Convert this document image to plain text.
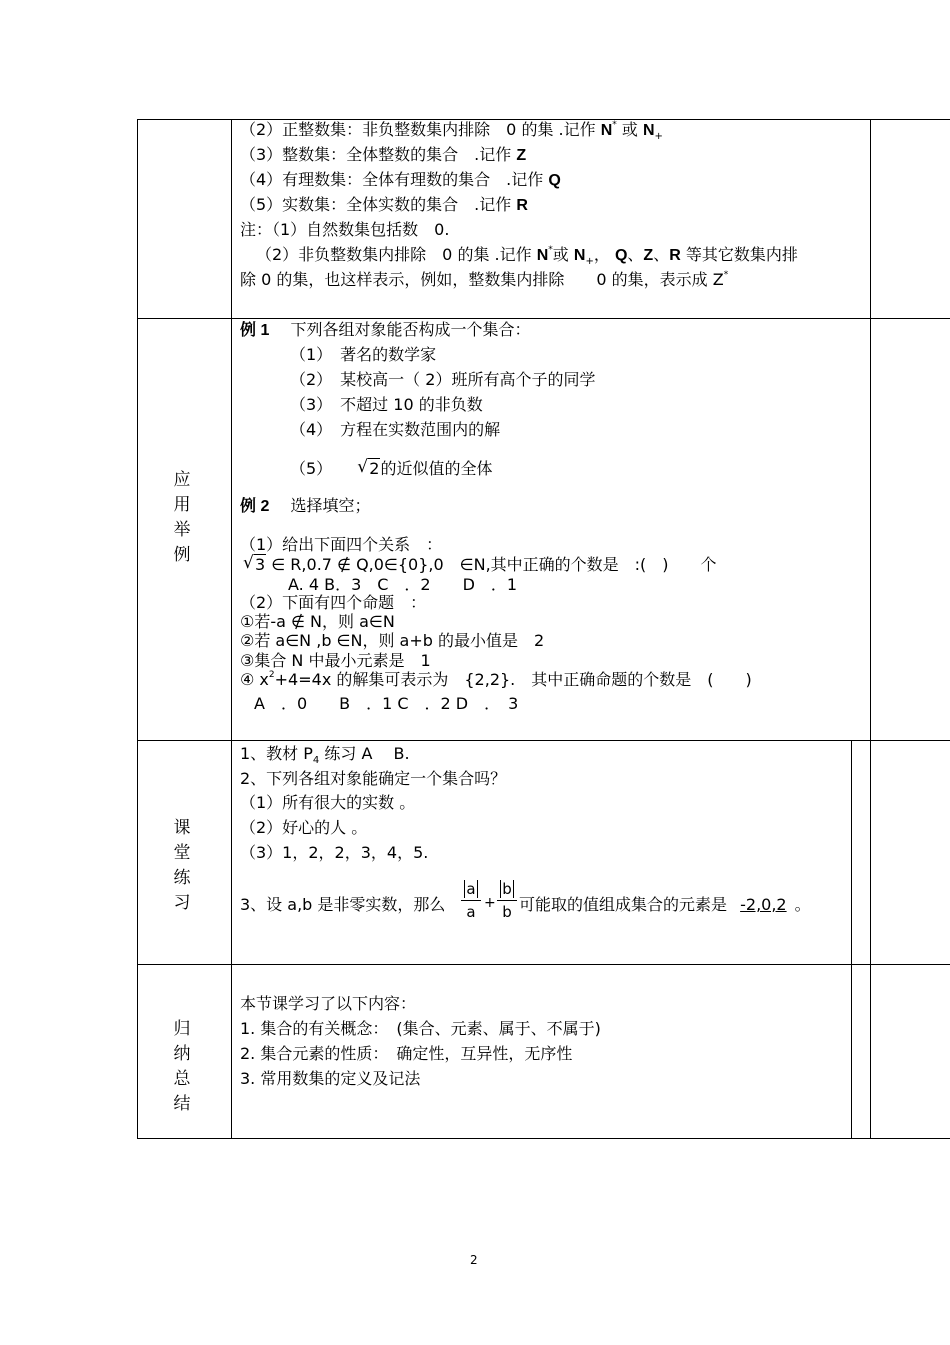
（2）正整数集：非负整数集内排除　0 的集 .记作 N* 或 $N_+$
（3）整数集：全体整数的集合　.记作 Z
（4）有理数集：全体有理数的集合　.记作 Q
（5）实数集：全体实数的集合　.记作 R
注：（1）自然数集包括数　0.
（2）非负整数集内排除　0 的集 .记作 N*或 $N_+$， Q、Z、R 等其它数集内排
除 0 的集，也这样表示，例如，整数集内排除　　0 的集，表示成 Z*
应
用
举
例
例 1　 下列各组对象能否构成一个集合：
（1）　著名的数学家
（2）　某校高一（ 2）班所有高个子的同学
（3）　不超过 10 的非负数
（4）　方程在实数范围内的解
（5） √ 2的近似值的全体
例 2　 选择填空；
（1）给出下面四个关系　：
√ 3 ∈ R,0.7 ∉ Q,0∈{0},0　∈N,其中正确的个数是　:(　)　　个
A. 4 B．3　C　．2　　D　．1
（2）下面有四个命题　：
①若-a ∉ N，则 a∈N
②若 a∈N ,b ∈N，则 a+b 的最小值是　2
③集合 N 中最小元素是　1
④ $x^2+4=4x$ 的解集可表示为　{2,2}.　其中正确命题的个数是　(　　)
A　．0　　B　．1 C　．2 D　．　3
课
堂
练
习
1、教材 $P_4$ 练习 A　 B.
2、下列各组对象能确定一个集合吗？
（1）所有很大的实数 。
（2）好心的人 。
（3）1，2，2，3，4，5.
3、设 a,b 是非零实数，那么
a
a +
b
b 可能取的值组成集合的元素是 -2,0,2 。
归
纳
总
结
本节课学习了以下内容：
1. 集合的有关概念：　(集合、元素、属于、不属于)
2. 集合元素的性质：　确定性，互异性，无序性
3. 常用数集的定义及记法
2
